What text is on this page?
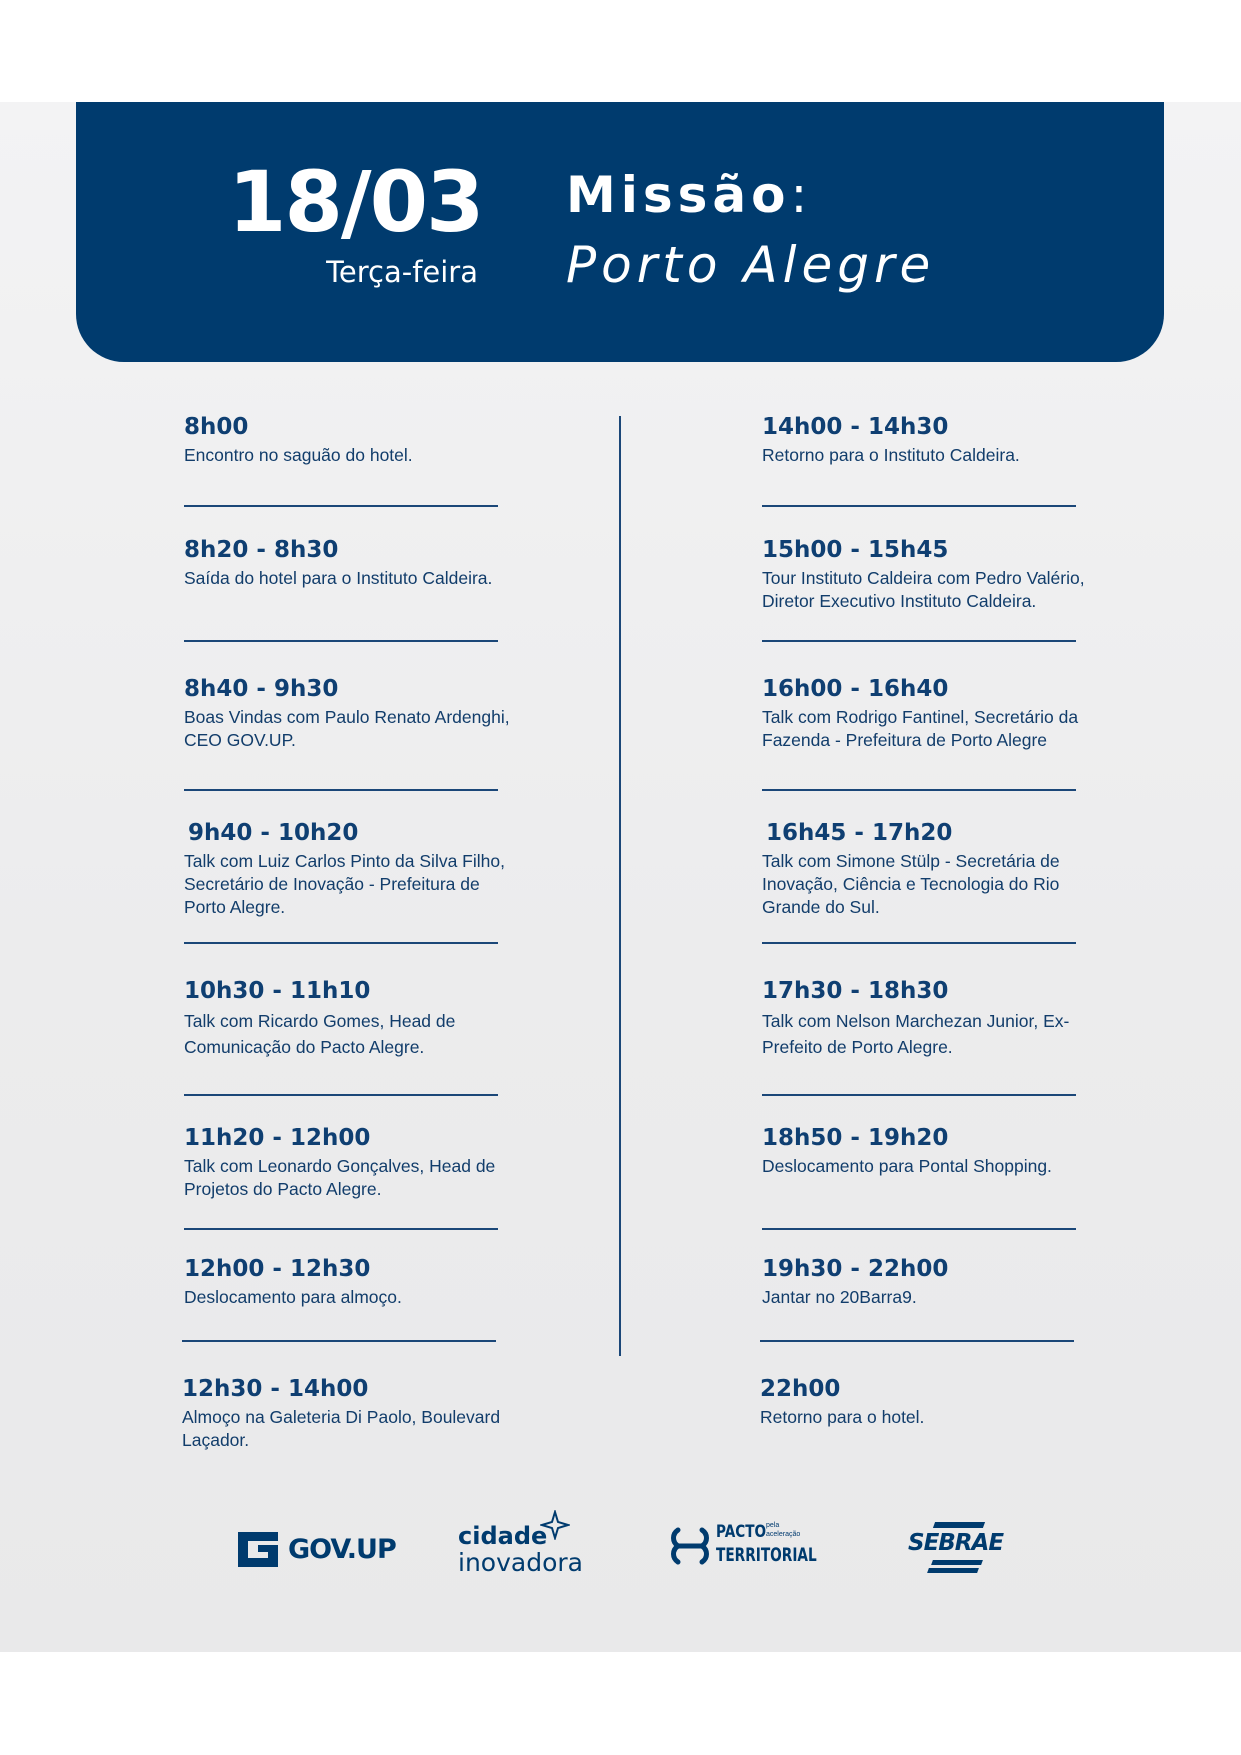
18/03
Terça-feira
Missão:
Porto Alegre
8h00
Encontro no saguão do hotel.
8h20 - 8h30
Saída do hotel para o Instituto Caldeira.
8h40 - 9h30
Boas Vindas com Paulo Renato Ardenghi, CEO GOV.UP.
9h40 - 10h20
Talk com Luiz Carlos Pinto da Silva Filho, Secretário de Inovação - Prefeitura de Porto Alegre.
10h30 - 11h10
Talk com Ricardo Gomes, Head de Comunicação do Pacto Alegre.
11h20 - 12h00
Talk com Leonardo Gonçalves, Head de Projetos do Pacto Alegre.
12h00 - 12h30
Deslocamento para almoço.
12h30 - 14h00
Almoço na Galeteria Di Paolo, Boulevard Laçador.
14h00 - 14h30
Retorno para o Instituto Caldeira.
15h00 - 15h45
Tour Instituto Caldeira com Pedro Valério, Diretor Executivo Instituto Caldeira.
16h00 - 16h40
Talk com Rodrigo Fantinel, Secretário da Fazenda - Prefeitura de Porto Alegre
16h45 - 17h20
Talk com Simone Stülp - Secretária de Inovação, Ciência e Tecnologia do Rio Grande do Sul.
17h30 - 18h30
Talk com Nelson Marchezan Junior, Ex-Prefeito de Porto Alegre.
18h50 - 19h20
Deslocamento para Pontal Shopping.
19h30 - 22h00
Jantar no 20Barra9.
22h00
Retorno para o hotel.
GOV.UP	cidade
inovadora
PACTO pela
aceleração
TERRITORIAL	SEBRAE
